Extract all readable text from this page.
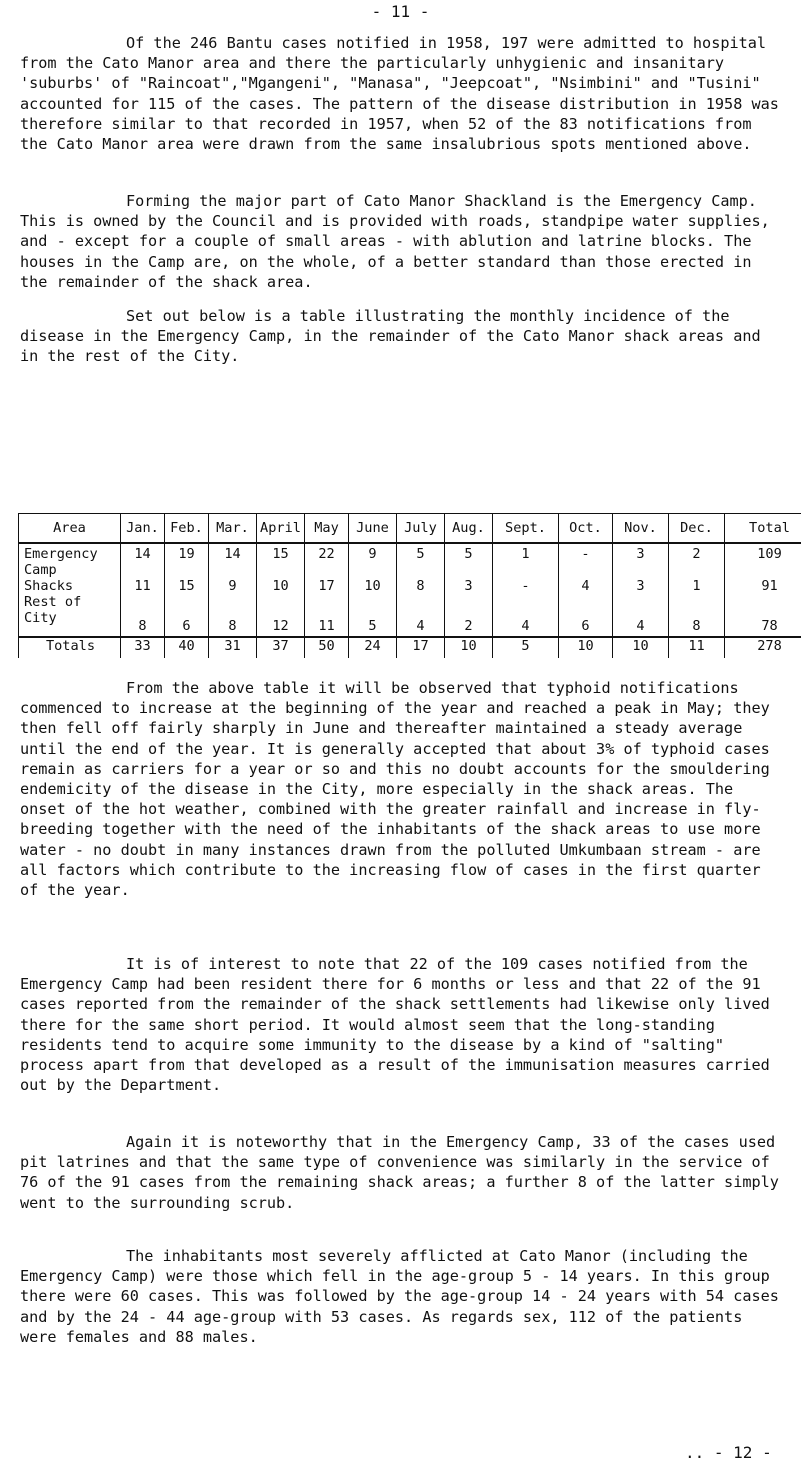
- 11 -

Of the 246 Bantu cases notified in 1958, 197 were admitted to hospital from the Cato Manor area and there the particularly unhygienic and insanitary 'suburbs' of "Raincoat","Mgangeni", "Manasa", "Jeepcoat", "Nsimbini" and "Tusini" accounted for 115 of the cases. The pattern of the disease distribution in 1958 was therefore similar to that recorded in 1957, when 52 of the 83 notifications from the Cato Manor area were drawn from the same insalubrious spots mentioned above.

Forming the major part of Cato Manor Shackland is the Emergency Camp. This is owned by the Council and is provided with roads, standpipe water supplies, and - except for a couple of small areas - with ablution and latrine blocks. The houses in the Camp are, on the whole, of a better standard than those erected in the remainder of the shack area.

Set out below is a table illustrating the monthly incidence of the disease in the Emergency Camp, in the remainder of the Cato Manor shack areas and in the rest of the City.

Area	Jan.	Feb.	Mar.	April	May	June	July	Aug.	Sept.	Oct.	Nov.	Dec.	Total
Emergency Camp	14	19	14	15	22	9	5	5	1	-	3	2	109
Shacks	11	15	9	10	17	10	8	3	-	4	3	1	91
Rest of City	8	6	8	12	11	5	4	2	4	6	4	8	78
Totals	33	40	31	37	50	24	17	10	5	10	10	11	278

From the above table it will be observed that typhoid notifications commenced to increase at the beginning of the year and reached a peak in May; they then fell off fairly sharply in June and thereafter maintained a steady average until the end of the year. It is generally accepted that about 3% of typhoid cases remain as carriers for a year or so and this no doubt accounts for the smouldering endemicity of the disease in the City, more especially in the shack areas. The onset of the hot weather, combined with the greater rainfall and increase in fly-breeding together with the need of the inhabitants of the shack areas to use more water - no doubt in many instances drawn from the polluted Umkumbaan stream - are all factors which contribute to the increasing flow of cases in the first quarter of the year.

It is of interest to note that 22 of the 109 cases notified from the Emergency Camp had been resident there for 6 months or less and that 22 of the 91 cases reported from the remainder of the shack settlements had likewise only lived there for the same short period. It would almost seem that the long-standing residents tend to acquire some immunity to the disease by a kind of "salting" process apart from that developed as a result of the immunisation measures carried out by the Department.

Again it is noteworthy that in the Emergency Camp, 33 of the cases used pit latrines and that the same type of convenience was similarly in the service of 76 of the 91 cases from the remaining shack areas; a further 8 of the latter simply went to the surrounding scrub.

The inhabitants most severely afflicted at Cato Manor (including the Emergency Camp) were those which fell in the age-group 5 - 14 years. In this group there were 60 cases. This was followed by the age-group 14 - 24 years with 54 cases and by the 24 - 44 age-group with 53 cases. As regards sex, 112 of the patients were females and 88 males.

.. - 12 -
